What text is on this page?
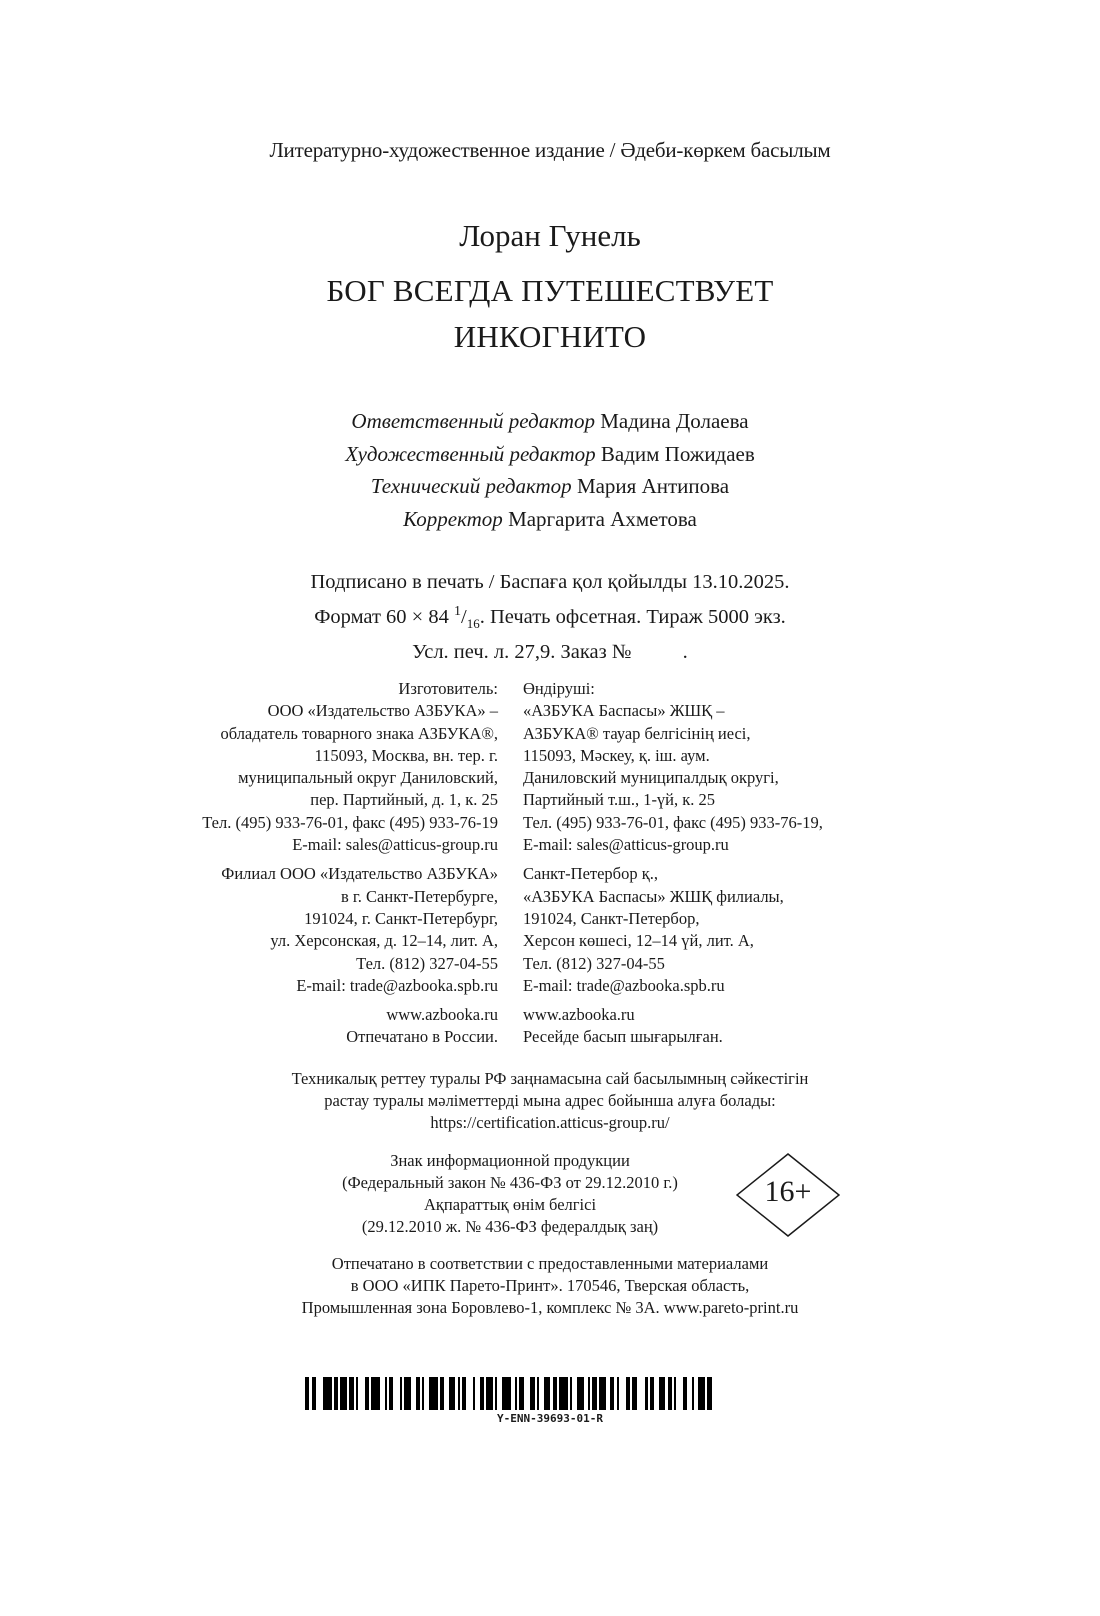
Литературно-художественное издание / Әдеби-көркем басылым
Лоран Гунель
БОГ ВСЕГДА ПУТЕШЕСТВУЕТ
ИНКОГНИТО
Ответственный редактор Мадина Долаева
Художественный редактор Вадим Пожидаев
Технический редактор Мария Антипова
Корректор Маргарита Ахметова
Подписано в печать / Баспаға қол қойылды 13.10.2025.
Формат 60 × 84 $^1/_{16}$. Печать офсетная. Тираж 5000 экз.
Усл. печ. л. 27,9. Заказ №          .
Изготовитель:
ООО «Издательство АЗБУКА» –
обладатель товарного знака АЗБУКА®,
115093, Москва, вн. тер. г.
муниципальный округ Даниловский,
пер. Партийный, д. 1, к. 25
Тел. (495) 933-76-01, факс (495) 933-76-19
E-mail: sales@atticus-group.ru
Филиал ООО «Издательство АЗБУКА»
в г. Санкт-Петербурге,
191024, г. Санкт-Петербург,
ул. Херсонская, д. 12–14, лит. А,
Тел. (812) 327-04-55
E-mail: trade@azbooka.spb.ru
www.azbooka.ru
Отпечатано в России.
Өндіруші:
«АЗБУКА Баспасы» ЖШҚ –
АЗБУКА® тауар белгісінің иесі,
115093, Мәскеу, қ. іш. аум.
Даниловский муниципалдық округі,
Партийный т.ш., 1-үй, к. 25
Тел. (495) 933-76-01, факс (495) 933-76-19,
E-mail: sales@atticus-group.ru
Санкт-Петербор қ.,
«АЗБУКА Баспасы» ЖШҚ филиалы,
191024, Санкт-Петербор,
Херсон көшесі, 12–14 үй, лит. А,
Тел. (812) 327-04-55
E-mail: trade@azbooka.spb.ru
www.azbooka.ru
Ресейде басып шығарылған.
Техникалық реттеу туралы РФ заңнамасына сай басылымның сәйкестігін
растау туралы мәліметтерді мына адрес бойынша алуға болады:
https://certification.atticus-group.ru/
Знак информационной продукции
(Федеральный закон № 436-ФЗ от 29.12.2010 г.)
Ақпараттық өнім белгісі
(29.12.2010 ж. № 436-ФЗ федералдық заң)
16+
Отпечатано в соответствии с предоставленными материалами
в ООО «ИПК Парето-Принт». 170546, Тверская область,
Промышленная зона Боровлево-1, комплекс № 3А. www.pareto-print.ru
Y-ENN-39693-01-R
